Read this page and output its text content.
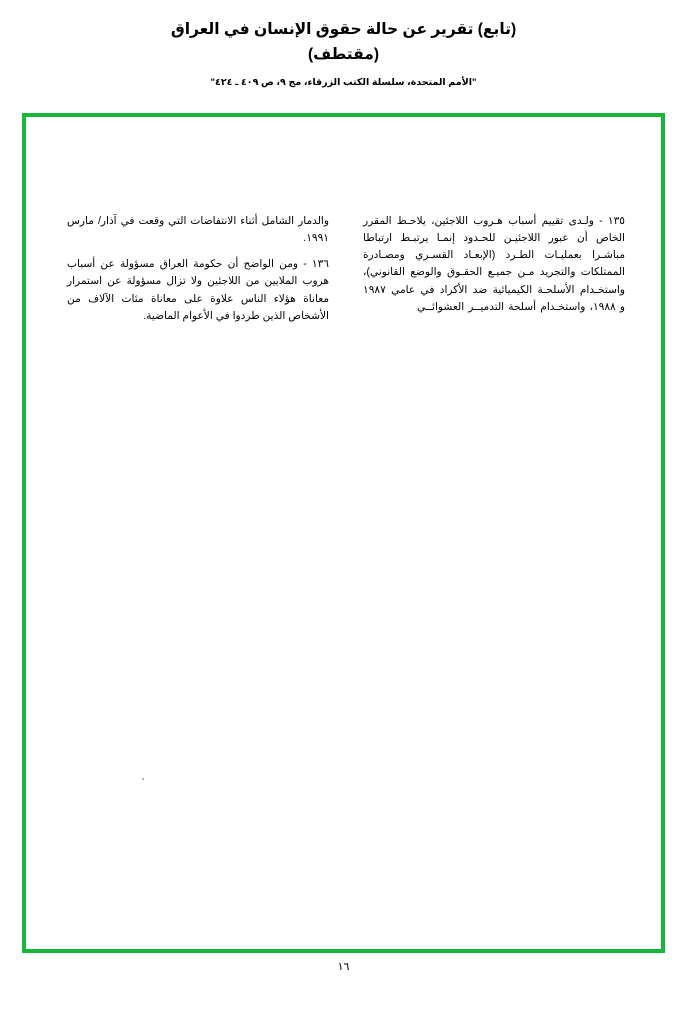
(تابع) تقرير عن حالة حقوق الإنسان في العراق
(مقتطف)
"الأمم المتحدة، سلسلة الكتب الزرقاء، مج ٩، ص ٤٠٩ ـ ٤٢٤"

١٣٥ - ولـدى تقييم أسباب هـروب اللاجئين، يلاحـظ المقرر الخاص أن عبور اللاجئيـن للحـدود إنمـا يرتبـط ارتباطا مباشـرا بعمليـات الطـرد (الإبعـاد القسـري ومصـادرة الممتلكات والتجريد مـن جميـع الحقـوق والوضع القانوني)، واستخـدام الأسلحـة الكيميائية ضد الأكراد في عامي ١٩٨٧ و ١٩٨٨، واستخـدام أسلحة التدميــر العشوائــي

والدمار الشامل أثناء الانتفاضات التي وقعت في آذار/ مارس ١٩٩١.

١٣٦ - ومن الواضح أن حكومة العراق مسؤولة عن أسباب هروب الملايين من اللاجئين ولا تزال مسؤولة عن استمرار معاناة هؤلاء الناس علاوة على معاناة مئات الآلاف من الأشخاص الذين طردوا في الأعوام الماضية.

١٦
